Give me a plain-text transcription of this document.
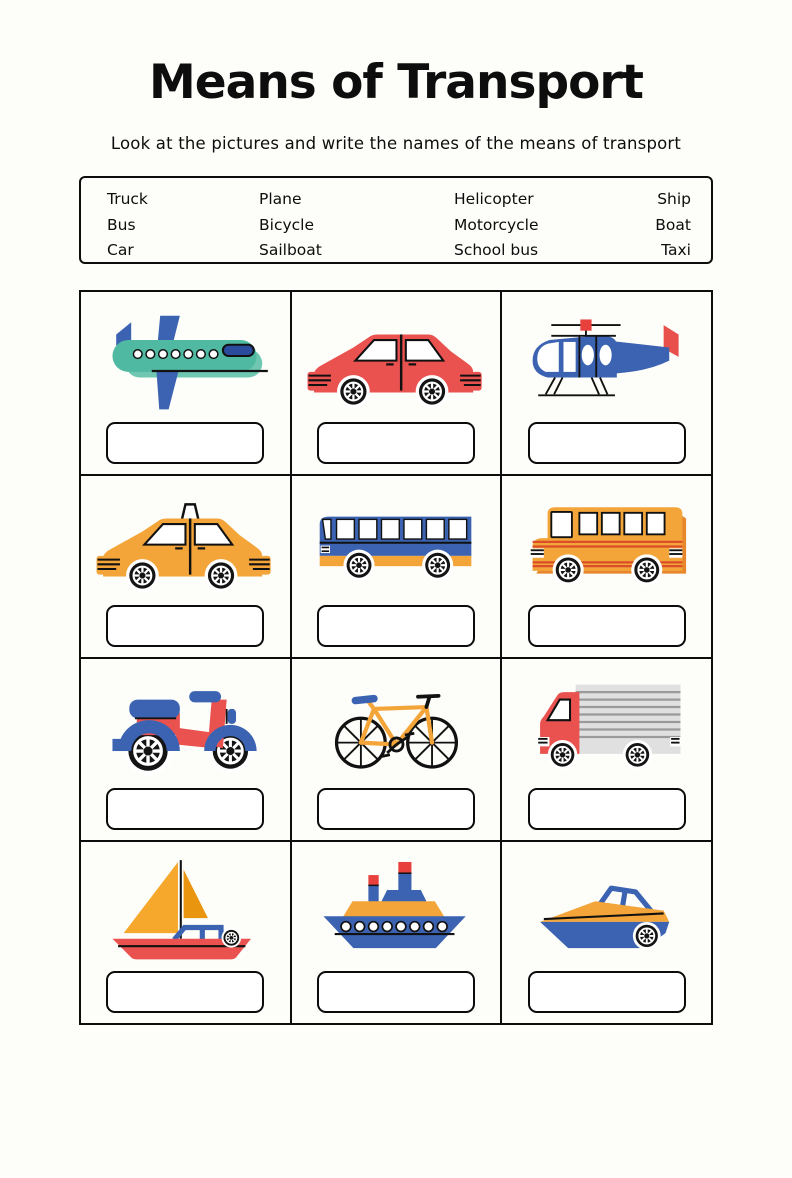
Means of Transport

Look at the pictures and write the names of the means of transport

Truck	Plane	Helicopter	Ship
Bus	Bicycle	Motorcycle	Boat
Car	Sailboat	School bus	Taxi
